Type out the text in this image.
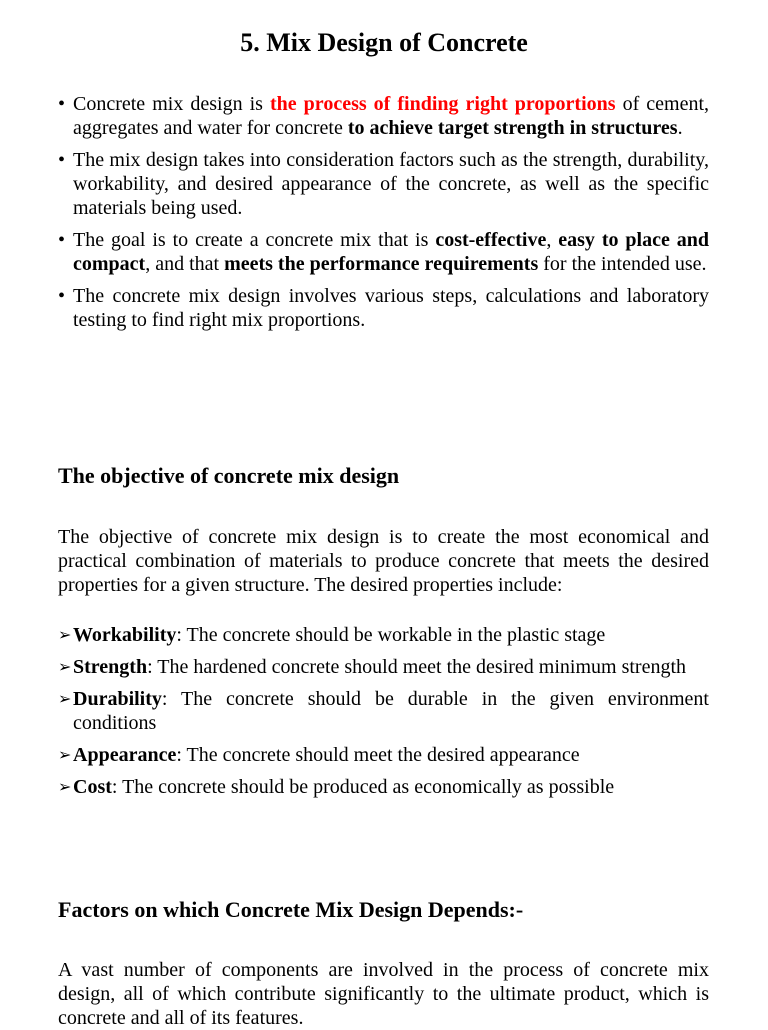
5. Mix Design of Concrete
• Concrete mix design is the process of finding right proportions of cement, aggregates and water for concrete to achieve target strength in structures.
• The mix design takes into consideration factors such as the strength, durability, workability, and desired appearance of the concrete, as well as the specific materials being used.
• The goal is to create a concrete mix that is cost-effective, easy to place and compact, and that meets the performance requirements for the intended use.
• The concrete mix design involves various steps, calculations and laboratory testing to find right mix proportions.
The objective of concrete mix design

The objective of concrete mix design is to create the most economical and practical combination of materials to produce concrete that meets the desired properties for a given structure. The desired properties include:

➢ Workability: The concrete should be workable in the plastic stage
➢ Strength: The hardened concrete should meet the desired minimum strength
➢ Durability: The concrete should be durable in the given environment conditions
➢ Appearance: The concrete should meet the desired appearance
➢ Cost: The concrete should be produced as economically as possible
Factors on which Concrete Mix Design Depends:-

A vast number of components are involved in the process of concrete mix design, all of which contribute significantly to the ultimate product, which is concrete and all of its features.
